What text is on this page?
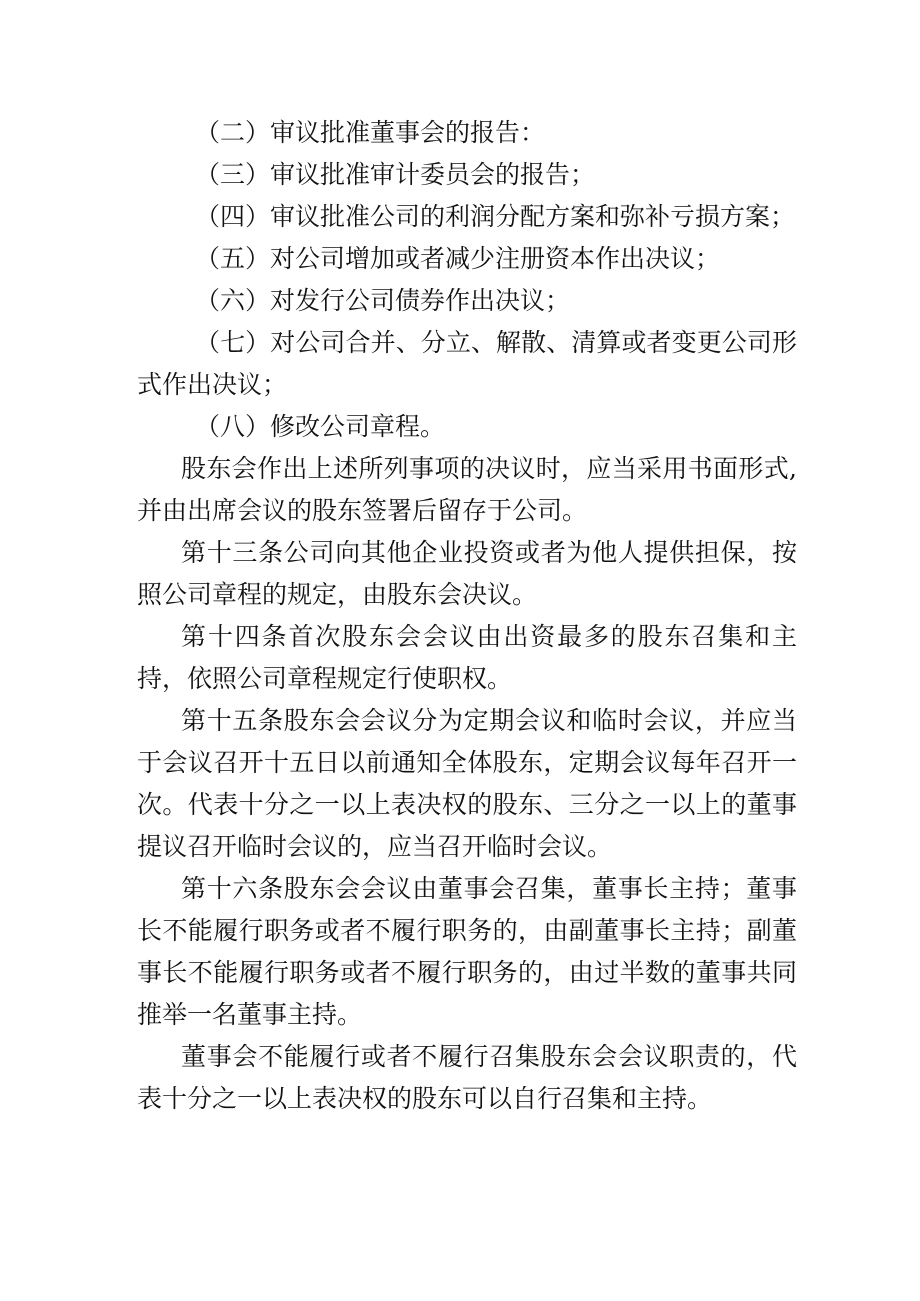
（二）审议批准董事会的报告：

（三）审议批准审计委员会的报告；

（四）审议批准公司的利润分配方案和弥补亏损方案；

（五）对公司增加或者减少注册资本作出决议；

（六）对发行公司债券作出决议；

（七）对公司合并、分立、解散、清算或者变更公司形式作出决议；

（八）修改公司章程。

股东会作出上述所列事项的决议时，应当采用书面形式,并由出席会议的股东签署后留存于公司。

第十三条公司向其他企业投资或者为他人提供担保，按照公司章程的规定，由股东会决议。

第十四条首次股东会会议由出资最多的股东召集和主持，依照公司章程规定行使职权。

第十五条股东会会议分为定期会议和临时会议，并应当于会议召开十五日以前通知全体股东，定期会议每年召开一次。代表十分之一以上表决权的股东、三分之一以上的董事提议召开临时会议的，应当召开临时会议。

第十六条股东会会议由董事会召集，董事长主持；董事长不能履行职务或者不履行职务的，由副董事长主持；副董事长不能履行职务或者不履行职务的，由过半数的董事共同推举一名董事主持。

董事会不能履行或者不履行召集股东会会议职责的，代表十分之一以上表决权的股东可以自行召集和主持。
